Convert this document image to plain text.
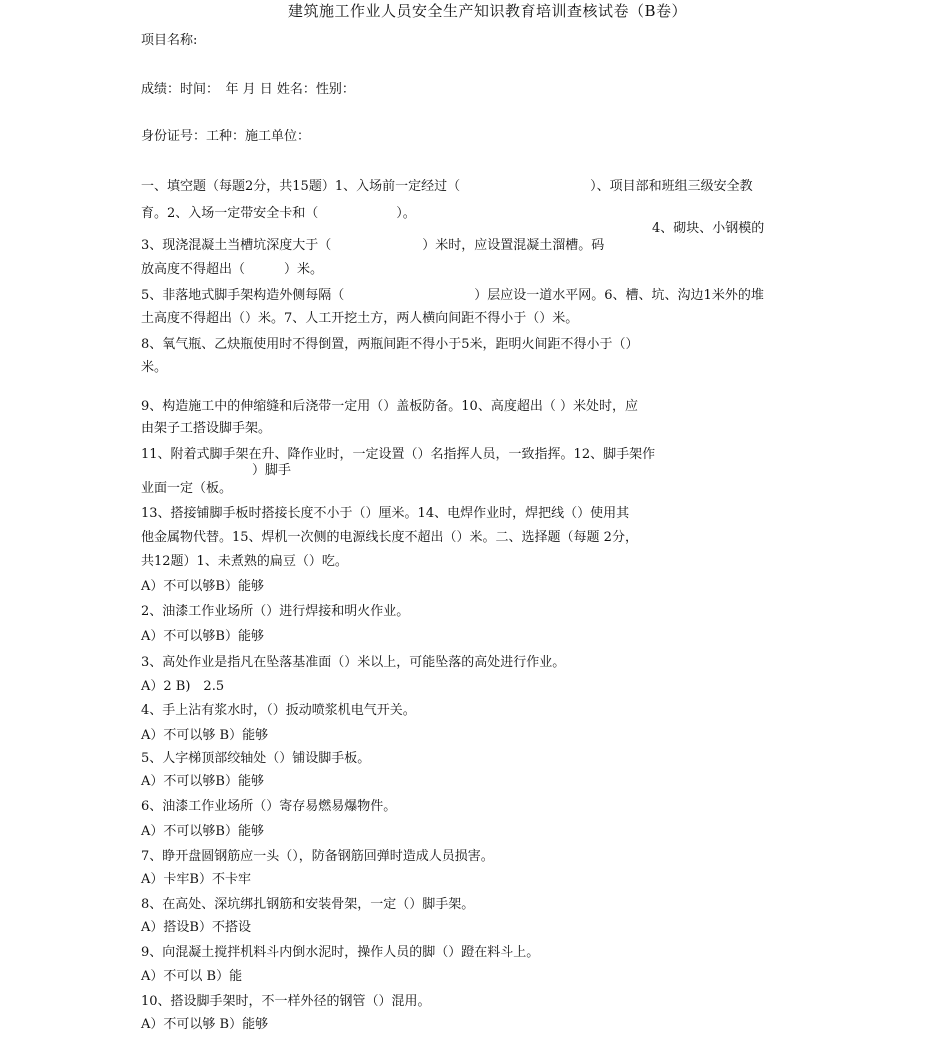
建筑施工作业人员安全生产知识教育培训查核试卷（B卷）
项目名称:
成绩：时间：　年 月 日 姓名：性别：
身份证号：工种：施工单位：
一、填空题（每题2分，共15题）1、入场前一定经过（　　　　　　　　　　）、项目部和班组三级安全教
育。2、入场一定带安全卡和（　　　　　　）。
4、砌块、小钢模的
3、现浇混凝土当槽坑深度大于（　　　　　　　）米时，应设置混凝土溜槽。码
放高度不得超出（　　　）米。
5、非落地式脚手架构造外侧每隔（　　　　　　　　　　）层应设一道水平网。6、槽、坑、沟边1米外的堆
土高度不得超出（）米。7、人工开挖土方，两人横向间距不得小于（）米。
8、氧气瓶、乙炔瓶使用时不得倒置，两瓶间距不得小于5米，距明火间距不得小于（）
米。
9、构造施工中的伸缩缝和后浇带一定用（）盖板防备。10、高度超出（ ）米处时，应
由架子工搭设脚手架。
11、附着式脚手架在升、降作业时，一定设置（）名指挥人员，一致指挥。12、脚手架作
）脚手
业面一定（板。
13、搭接铺脚手板时搭接长度不小于（）厘米。14、电焊作业时，焊把线（）使用其
他金属物代替。15、焊机一次侧的电源线长度不超出（）米。二、选择题（每题 2分，
共12题）1、未煮熟的扁豆（）吃。
A）不可以够B）能够
2、油漆工作业场所（）进行焊接和明火作业。
A）不可以够B）能够
3、高处作业是指凡在坠落基准面（）米以上，可能坠落的高处进行作业。
A）2 B)　2.5
4、手上沾有浆水时，（）扳动喷浆机电气开关。
A）不可以够 B）能够
5、人字梯顶部绞轴处（）铺设脚手板。
A）不可以够B）能够
6、油漆工作业场所（）寄存易燃易爆物件。
A）不可以够B）能够
7、睁开盘圆钢筋应一头（），防备钢筋回弹时造成人员损害。
A）卡牢B）不卡牢
8、在高处、深坑绑扎钢筋和安装骨架，一定（）脚手架。
A）搭设B）不搭设
9、向混凝土搅拌机料斗内倒水泥时，操作人员的脚（）蹬在料斗上。
A）不可以 B）能
10、搭设脚手架时，不一样外径的钢管（）混用。
A）不可以够 B）能够
